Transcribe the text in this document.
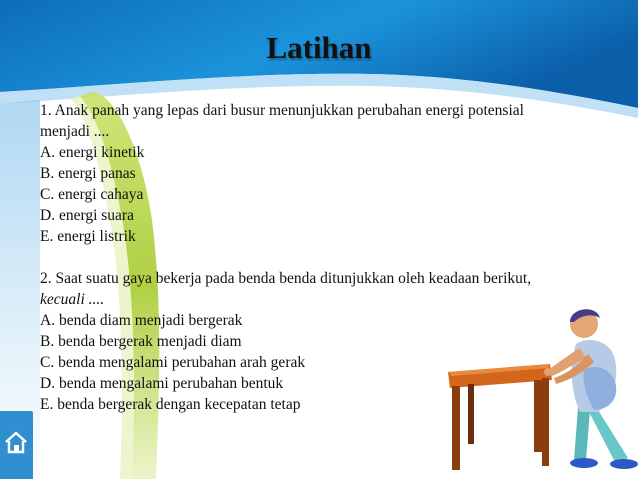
Latihan
1. Anak panah yang lepas dari busur menunjukkan perubahan energi potensial
menjadi ....
A. energi kinetik
B. energi panas
C. energi cahaya
D. energi suara
E. energi listrik
2. Saat suatu gaya bekerja pada benda benda ditunjukkan oleh keadaan berikut,
kecuali ....
A. benda diam menjadi bergerak
B. benda bergerak menjadi diam
C. benda mengalami perubahan arah gerak
D. benda mengalami perubahan bentuk
E. benda bergerak dengan kecepatan tetap
